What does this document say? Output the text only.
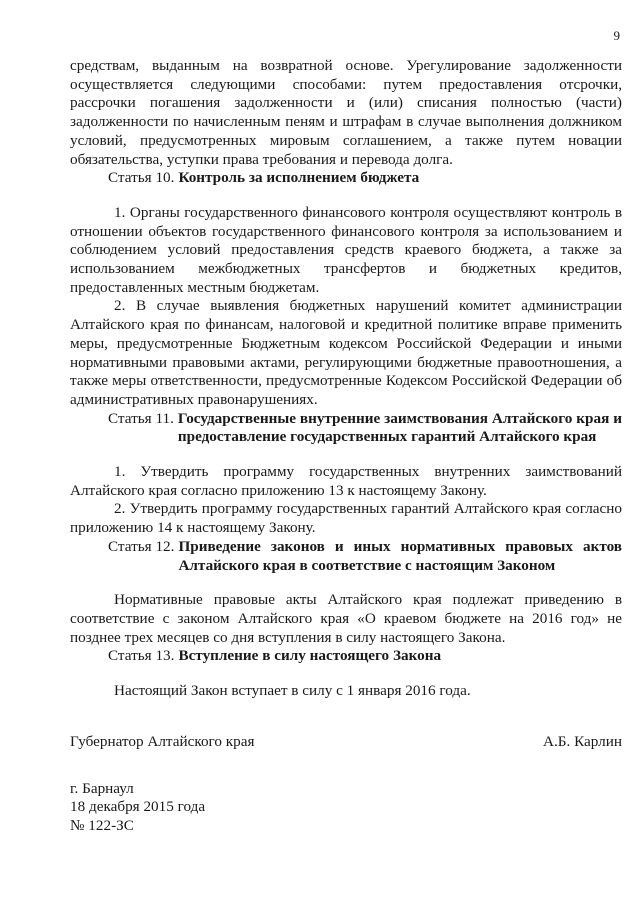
9

средствам, выданным на возвратной основе. Урегулирование задолженности осуществляется следующими способами: путем предоставления отсрочки, рассрочки погашения задолженности и (или) списания полностью (части) задолженности по начисленным пеням и штрафам в случае выполнения должником условий, предусмотренных мировым соглашением, а также путем новации обязательства, уступки права требования и перевода долга.

Статья 10. Контроль за исполнением бюджета

1. Органы государственного финансового контроля осуществляют контроль в отношении объектов государственного финансового контроля за использованием и соблюдением условий предоставления средств краевого бюджета, а также за использованием межбюджетных трансфертов и бюджетных кредитов, предоставленных местным бюджетам.

2. В случае выявления бюджетных нарушений комитет администрации Алтайского края по финансам, налоговой и кредитной политике вправе применить меры, предусмотренные Бюджетным кодексом Российской Федерации и иными нормативными правовыми актами, регулирующими бюджетные правоотношения, а также меры ответственности, предусмотренные Кодексом Российской Федерации об административных правонарушениях.

Статья 11. Государственные внутренние заимствования Алтайского края и предоставление государственных гарантий Алтайского края

1. Утвердить программу государственных внутренних заимствований Алтайского края согласно приложению 13 к настоящему Закону.

2. Утвердить программу государственных гарантий Алтайского края согласно приложению 14 к настоящему Закону.

Статья 12. Приведение законов и иных нормативных правовых актов Алтайского края в соответствие с настоящим Законом

Нормативные правовые акты Алтайского края подлежат приведению в соответствие с законом Алтайского края «О краевом бюджете на 2016 год» не позднее трех месяцев со дня вступления в силу настоящего Закона.

Статья 13. Вступление в силу настоящего Закона

Настоящий Закон вступает в силу с 1 января 2016 года.

Губернатор Алтайского края	А.Б. Карлин
г. Барнаул
18 декабря 2015 года
№ 122-ЗС
